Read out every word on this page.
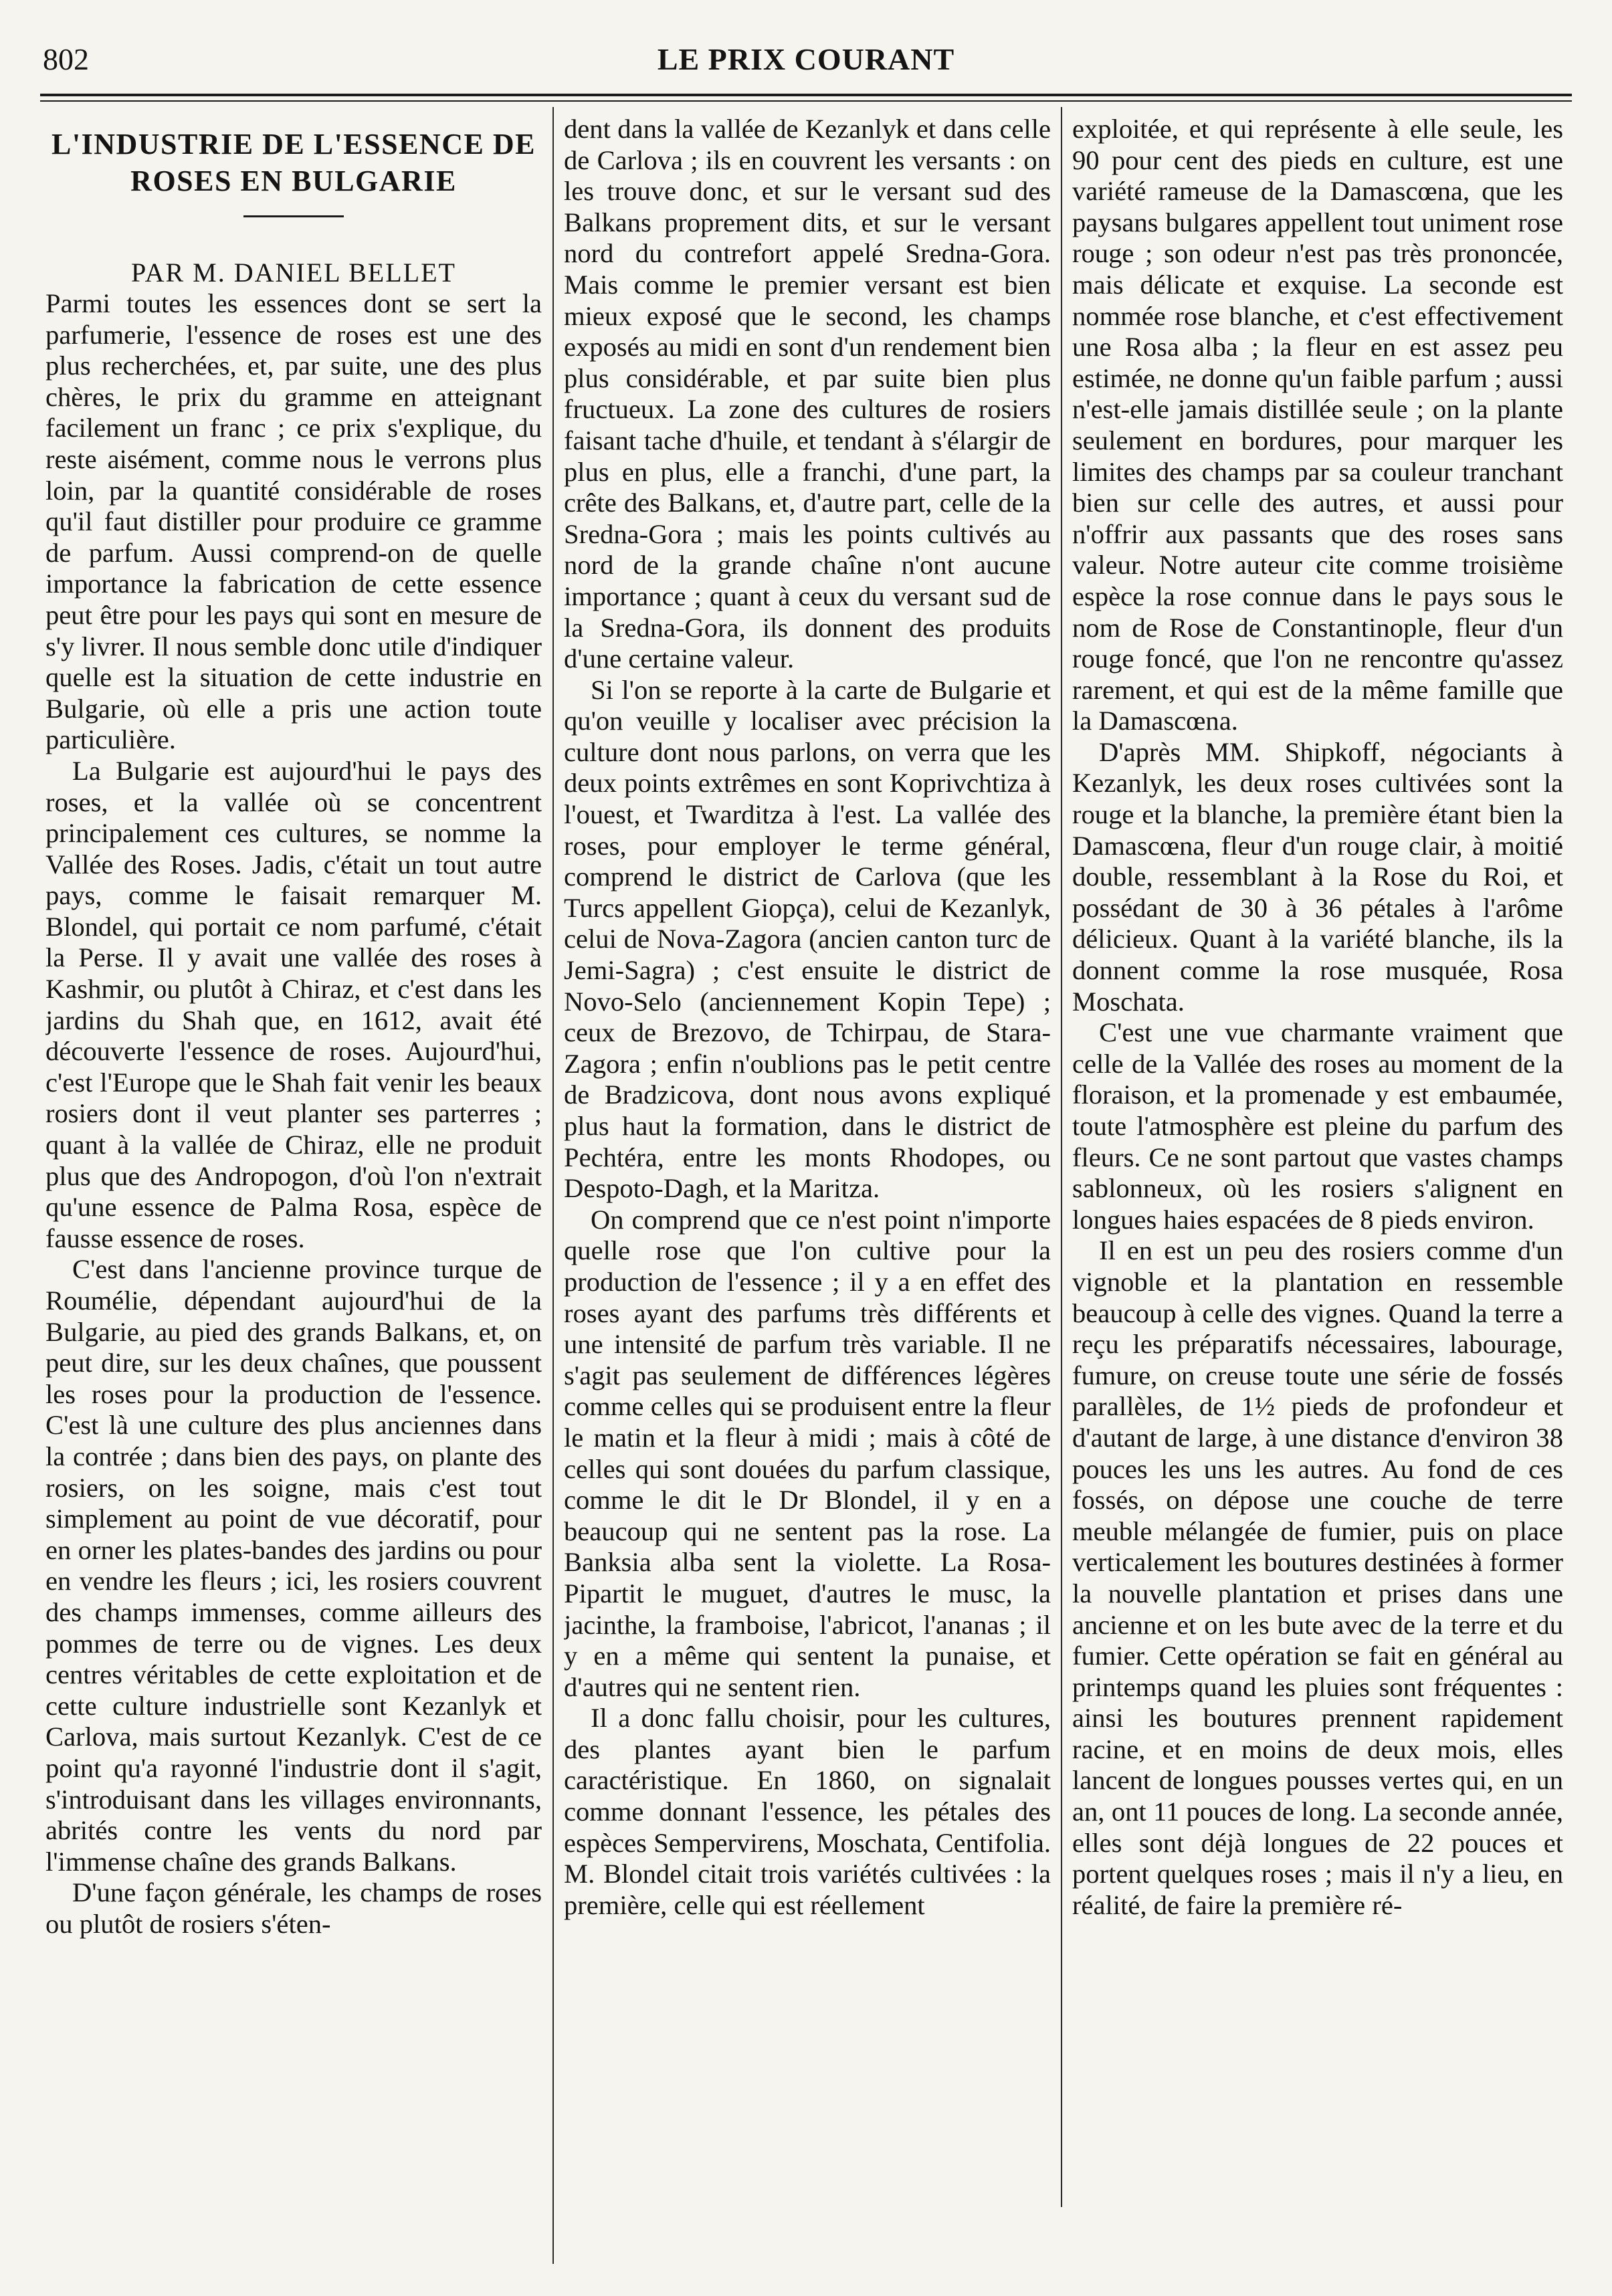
802	LE PRIX COURANT
L'INDUSTRIE DE L'ESSENCE DE ROSES EN BULGARIE
PAR M. DANIEL BELLET

Parmi toutes les essences dont se sert la parfumerie, l'essence de roses est une des plus recherchées, et, par suite, une des plus chères, le prix du gramme en atteignant facilement un franc ; ce prix s'explique, du reste aisément, comme nous le verrons plus loin, par la quantité considérable de roses qu'il faut distiller pour produire ce gramme de parfum. Aussi comprend-on de quelle importance la fabrication de cette essence peut être pour les pays qui sont en mesure de s'y livrer. Il nous semble donc utile d'indiquer quelle est la situation de cette industrie en Bulgarie, où elle a pris une action toute particulière.

La Bulgarie est aujourd'hui le pays des roses, et la vallée où se concentrent principalement ces cultures, se nomme la Vallée des Roses. Jadis, c'était un tout autre pays, comme le faisait remarquer M. Blondel, qui portait ce nom parfumé, c'était la Perse. Il y avait une vallée des roses à Kashmir, ou plutôt à Chiraz, et c'est dans les jardins du Shah que, en 1612, avait été découverte l'essence de roses. Aujourd'hui, c'est l'Europe que le Shah fait venir les beaux rosiers dont il veut planter ses parterres ; quant à la vallée de Chiraz, elle ne produit plus que des Andropogon, d'où l'on n'extrait qu'une essence de Palma Rosa, espèce de fausse essence de roses.

C'est dans l'ancienne province turque de Roumélie, dépendant aujourd'hui de la Bulgarie, au pied des grands Balkans, et, on peut dire, sur les deux chaînes, que poussent les roses pour la production de l'essence. C'est là une culture des plus anciennes dans la contrée ; dans bien des pays, on plante des rosiers, on les soigne, mais c'est tout simplement au point de vue décoratif, pour en orner les plates-bandes des jardins ou pour en vendre les fleurs ; ici, les rosiers couvrent des champs immenses, comme ailleurs des pommes de terre ou de vignes. Les deux centres véritables de cette exploitation et de cette culture industrielle sont Kezanlyk et Carlova, mais surtout Kezanlyk. C'est de ce point qu'a rayonné l'industrie dont il s'agit, s'introduisant dans les villages environnants, abrités contre les vents du nord par l'immense chaîne des grands Balkans.

D'une façon générale, les champs de roses ou plutôt de rosiers s'éten-

dent dans la vallée de Kezanlyk et dans celle de Carlova ; ils en couvrent les versants : on les trouve donc, et sur le versant sud des Balkans proprement dits, et sur le versant nord du contrefort appelé Sredna-Gora. Mais comme le premier versant est bien mieux exposé que le second, les champs exposés au midi en sont d'un rendement bien plus considérable, et par suite bien plus fructueux. La zone des cultures de rosiers faisant tache d'huile, et tendant à s'élargir de plus en plus, elle a franchi, d'une part, la crête des Balkans, et, d'autre part, celle de la Sredna-Gora ; mais les points cultivés au nord de la grande chaîne n'ont aucune importance ; quant à ceux du versant sud de la Sredna-Gora, ils donnent des produits d'une certaine valeur.

Si l'on se reporte à la carte de Bulgarie et qu'on veuille y localiser avec précision la culture dont nous parlons, on verra que les deux points extrêmes en sont Koprivchtiza à l'ouest, et Twarditza à l'est. La vallée des roses, pour employer le terme général, comprend le district de Carlova (que les Turcs appellent Giopça), celui de Kezanlyk, celui de Nova-Zagora (ancien canton turc de Jemi-Sagra) ; c'est ensuite le district de Novo-Selo (anciennement Kopin Tepe) ; ceux de Brezovo, de Tchirpau, de Stara-Zagora ; enfin n'oublions pas le petit centre de Bradzicova, dont nous avons expliqué plus haut la formation, dans le district de Pechtéra, entre les monts Rhodopes, ou Despoto-Dagh, et la Maritza.

On comprend que ce n'est point n'importe quelle rose que l'on cultive pour la production de l'essence ; il y a en effet des roses ayant des parfums très différents et une intensité de parfum très variable. Il ne s'agit pas seulement de différences légères comme celles qui se produisent entre la fleur le matin et la fleur à midi ; mais à côté de celles qui sont douées du parfum classique, comme le dit le Dr Blondel, il y en a beaucoup qui ne sentent pas la rose. La Banksia alba sent la violette. La Rosa-Pipartit le muguet, d'autres le musc, la jacinthe, la framboise, l'abricot, l'ananas ; il y en a même qui sentent la punaise, et d'autres qui ne sentent rien.

Il a donc fallu choisir, pour les cultures, des plantes ayant bien le parfum caractéristique. En 1860, on signalait comme donnant l'essence, les pétales des espèces Sempervirens, Moschata, Centifolia. M. Blondel citait trois variétés cultivées : la première, celle qui est réellement

exploitée, et qui représente à elle seule, les 90 pour cent des pieds en culture, est une variété rameuse de la Damascœna, que les paysans bulgares appellent tout uniment rose rouge ; son odeur n'est pas très prononcée, mais délicate et exquise. La seconde est nommée rose blanche, et c'est effectivement une Rosa alba ; la fleur en est assez peu estimée, ne donne qu'un faible parfum ; aussi n'est-elle jamais distillée seule ; on la plante seulement en bordures, pour marquer les limites des champs par sa couleur tranchant bien sur celle des autres, et aussi pour n'offrir aux passants que des roses sans valeur. Notre auteur cite comme troisième espèce la rose connue dans le pays sous le nom de Rose de Constantinople, fleur d'un rouge foncé, que l'on ne rencontre qu'assez rarement, et qui est de la même famille que la Damascœna.

D'après MM. Shipkoff, négociants à Kezanlyk, les deux roses cultivées sont la rouge et la blanche, la première étant bien la Damascœna, fleur d'un rouge clair, à moitié double, ressemblant à la Rose du Roi, et possédant de 30 à 36 pétales à l'arôme délicieux. Quant à la variété blanche, ils la donnent comme la rose musquée, Rosa Moschata.

C'est une vue charmante vraiment que celle de la Vallée des roses au moment de la floraison, et la promenade y est embaumée, toute l'atmosphère est pleine du parfum des fleurs. Ce ne sont partout que vastes champs sablonneux, où les rosiers s'alignent en longues haies espacées de 8 pieds environ.

Il en est un peu des rosiers comme d'un vignoble et la plantation en ressemble beaucoup à celle des vignes. Quand la terre a reçu les préparatifs nécessaires, labourage, fumure, on creuse toute une série de fossés parallèles, de 1½ pieds de profondeur et d'autant de large, à une distance d'environ 38 pouces les uns les autres. Au fond de ces fossés, on dépose une couche de terre meuble mélangée de fumier, puis on place verticalement les boutures destinées à former la nouvelle plantation et prises dans une ancienne et on les bute avec de la terre et du fumier. Cette opération se fait en général au printemps quand les pluies sont fréquentes : ainsi les boutures prennent rapidement racine, et en moins de deux mois, elles lancent de longues pousses vertes qui, en un an, ont 11 pouces de long. La seconde année, elles sont déjà longues de 22 pouces et portent quelques roses ; mais il n'y a lieu, en réalité, de faire la première ré-
